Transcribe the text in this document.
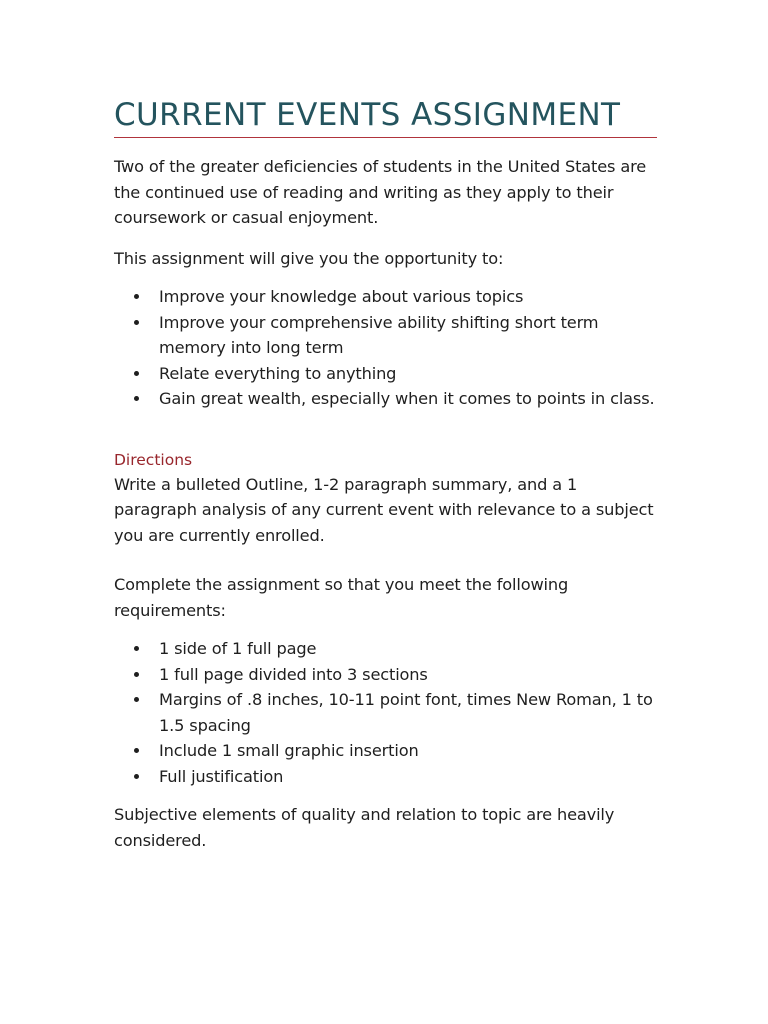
CURRENT EVENTS ASSIGNMENT

Two of the greater deficiencies of students in the United States are the continued use of reading and writing as they apply to their coursework or casual enjoyment.

This assignment will give you the opportunity to:

Improve your knowledge about various topics
Improve your comprehensive ability shifting short term memory into long term
Relate everything to anything
Gain great wealth, especially when it comes to points in class.
Directions

Write a bulleted Outline, 1-2 paragraph summary, and a 1 paragraph analysis of any current event with relevance to a subject you are currently enrolled.

Complete the assignment so that you meet the following requirements:

1 side of 1 full page
1 full page divided into 3 sections
Margins of .8 inches, 10-11 point font, times New Roman, 1 to 1.5 spacing
Include 1 small graphic insertion
Full justification

Subjective elements of quality and relation to topic are heavily considered.
